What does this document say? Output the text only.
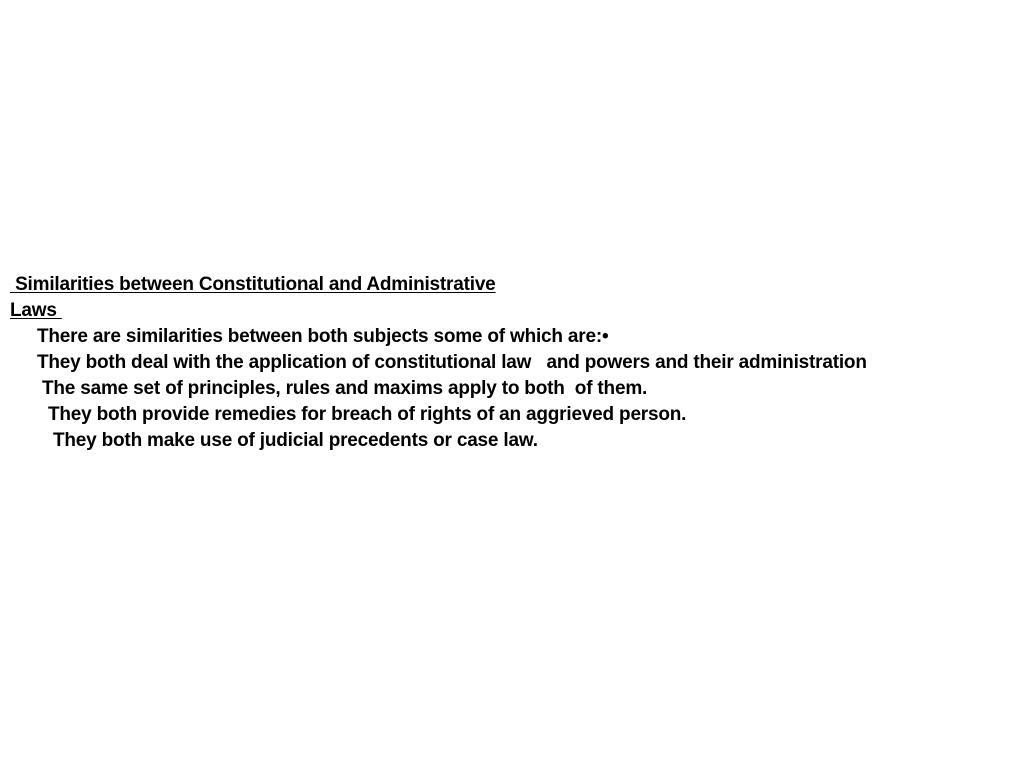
Similarities between Constitutional and Administrative
Laws
There are similarities between both subjects some of which are:•
They both deal with the application of constitutional law   and powers and their administration
The same set of principles, rules and maxims apply to both  of them.
They both provide remedies for breach of rights of an aggrieved person.
They both make use of judicial precedents or case law.
